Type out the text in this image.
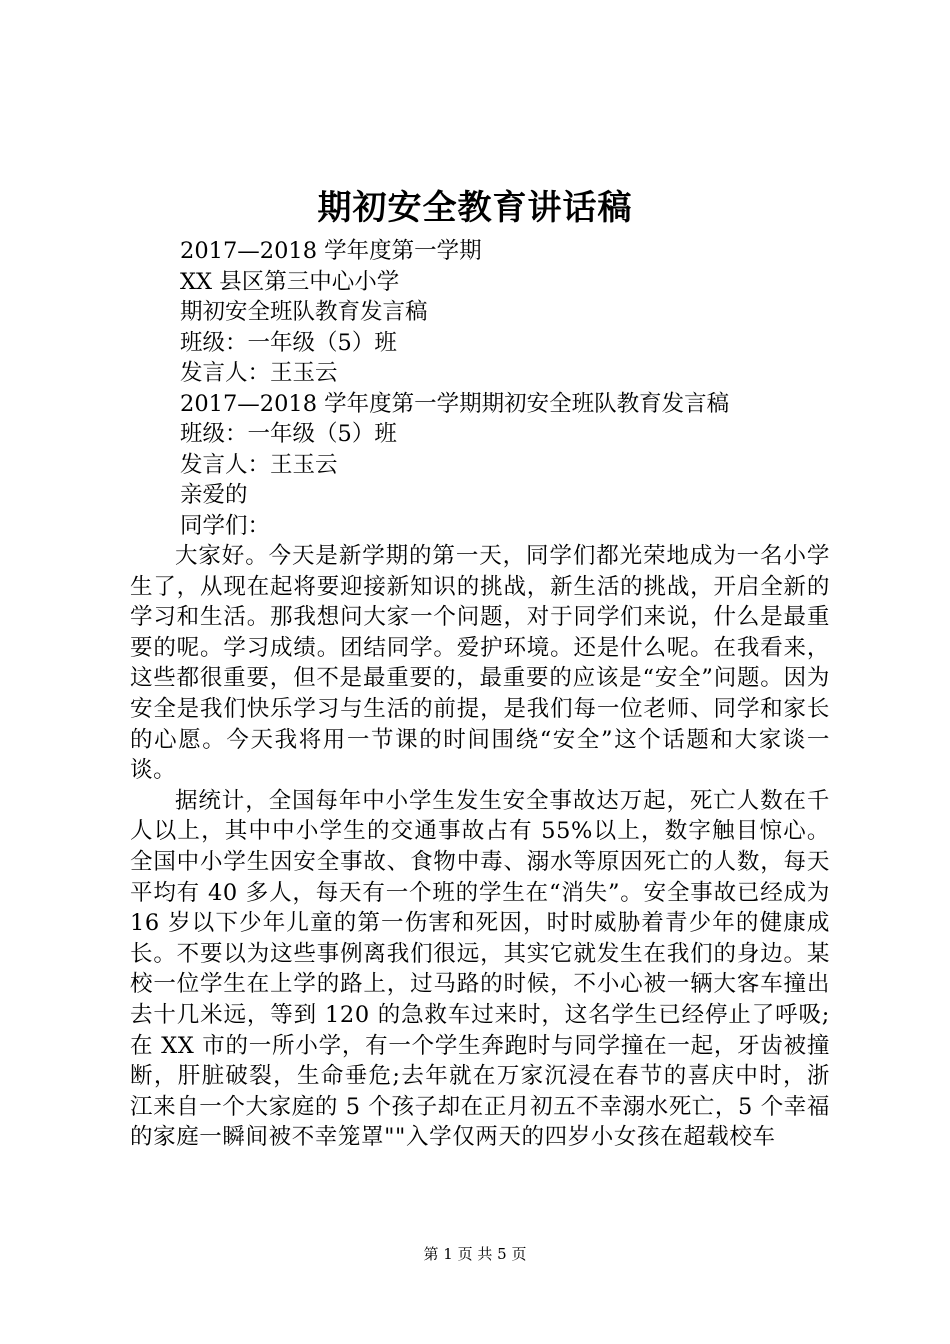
期初安全教育讲话稿
2017—2018 学年度第一学期
XX 县区第三中心小学
期初安全班队教育发言稿
班级：一年级（5）班
发言人：王玉云
2017—2018 学年度第一学期期初安全班队教育发言稿
班级：一年级（5）班
发言人：王玉云
亲爱的
同学们：

大家好。今天是新学期的第一天，同学们都光荣地成为一名小学生了，从现在起将要迎接新知识的挑战，新生活的挑战，开启全新的学习和生活。那我想问大家一个问题，对于同学们来说，什么是最重要的呢。学习成绩。团结同学。爱护环境。还是什么呢。在我看来，这些都很重要，但不是最重要的，最重要的应该是“安全”问题。因为安全是我们快乐学习与生活的前提，是我们每一位老师、同学和家长的心愿。今天我将用一节课的时间围绕“安全”这个话题和大家谈一谈。

据统计，全国每年中小学生发生安全事故达万起，死亡人数在千人以上，其中中小学生的交通事故占有 55%以上，数字触目惊心。全国中小学生因安全事故、食物中毒、溺水等原因死亡的人数，每天平均有 40 多人，每天有一个班的学生在“消失”。安全事故已经成为 16 岁以下少年儿童的第一伤害和死因，时时威胁着青少年的健康成长。不要以为这些事例离我们很远，其实它就发生在我们的身边。某校一位学生在上学的路上，过马路的时候，不小心被一辆大客车撞出去十几米远，等到 120 的急救车过来时，这名学生已经停止了呼吸;在 XX 市的一所小学，有一个学生奔跑时与同学撞在一起，牙齿被撞断，肝脏破裂，生命垂危;去年就在万家沉浸在春节的喜庆中时，浙江来自一个大家庭的 5 个孩子却在正月初五不幸溺水死亡，5 个幸福的家庭一瞬间被不幸笼罩""入学仅两天的四岁小女孩在超载校车

第 1 页 共 5 页
